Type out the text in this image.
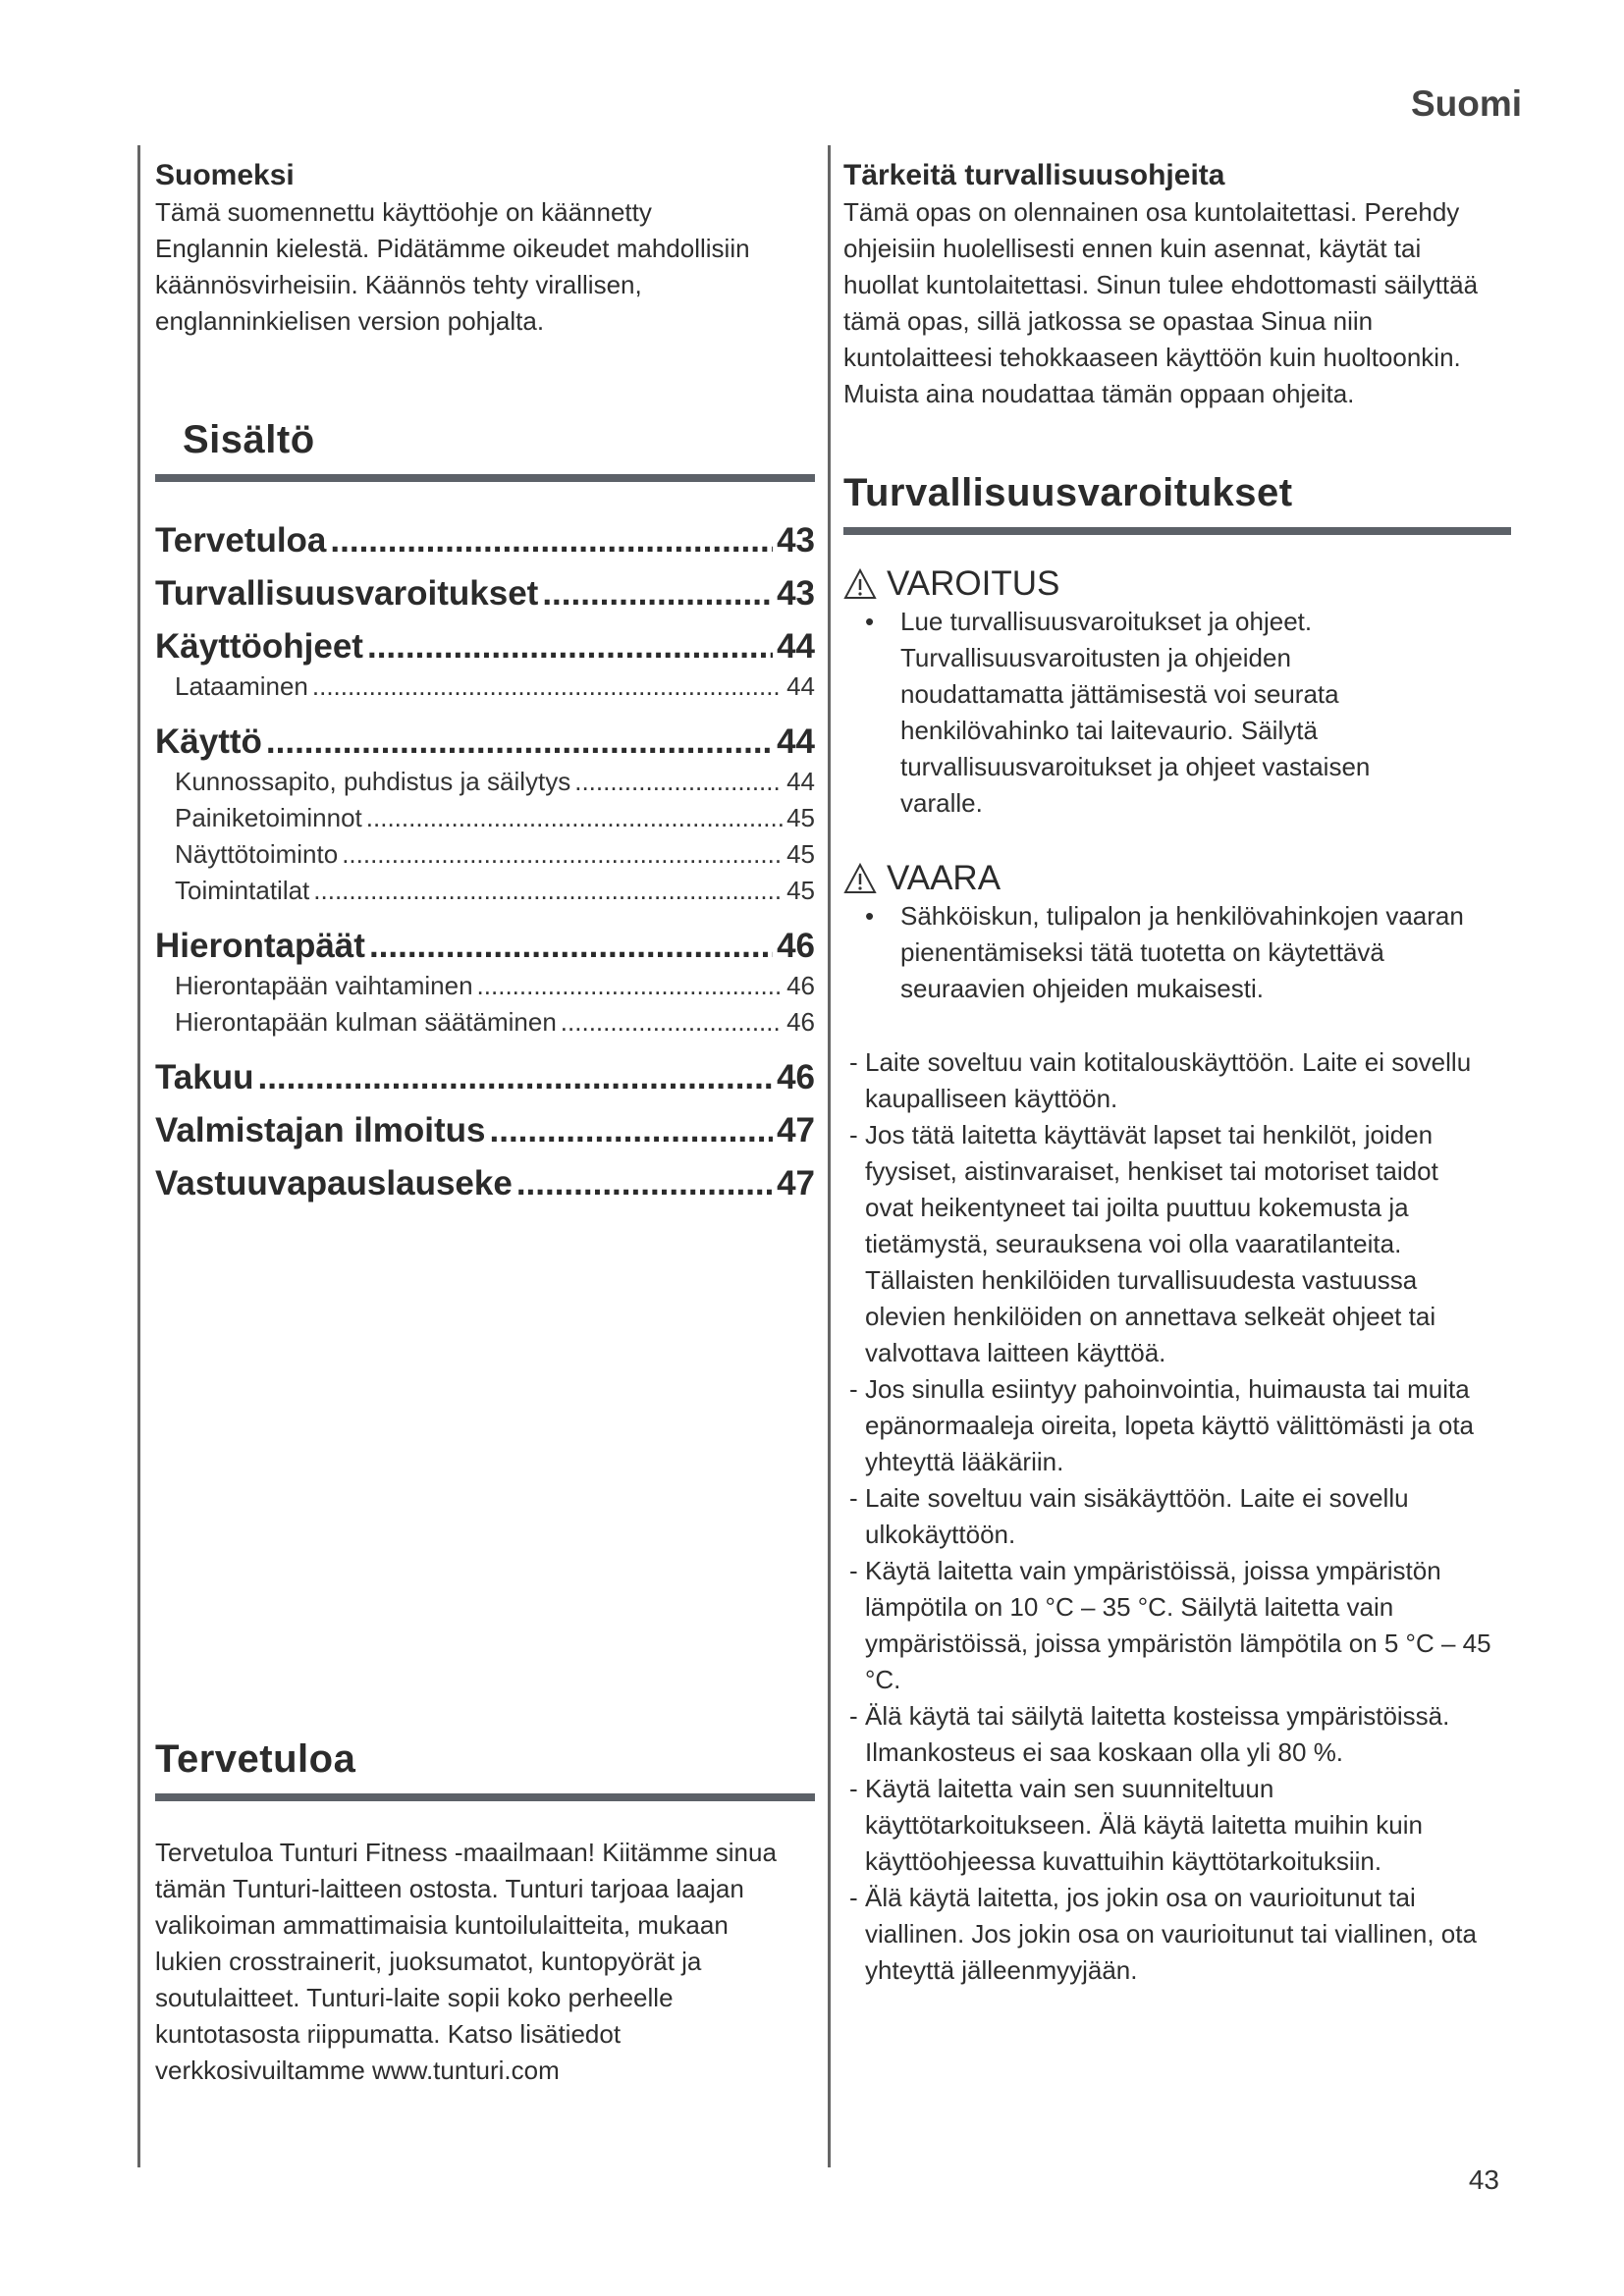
Suomi
Suomeksi
Tämä suomennettu käyttöohje on käännetty Englannin kielestä. Pidätämme oikeudet mahdollisiin käännösvirheisiin. Käännös tehty virallisen, englanninkielisen version pohjalta.
Sisältö
Tervetuloa .....	43
Turvallisuusvaroitukset .....	43
Käyttöohjeet .....	44
Lataaminen .....	44
Käyttö .....	44
Kunnossapito, puhdistus ja säilytys .....	44
Painiketoiminnot .....	45
Näyttötoiminto .....	45
Toimintatilat .....	45
Hierontapäät .....	46
Hierontapään vaihtaminen .....	46
Hierontapään kulman säätäminen .....	46
Takuu .....	46
Valmistajan ilmoitus .....	47
Vastuuvapauslauseke .....	47
Tervetuloa
Tervetuloa Tunturi Fitness -maailmaan! Kiitämme sinua tämän Tunturi-laitteen ostosta. Tunturi tarjoaa laajan valikoiman ammattimaisia kuntoilulaitteita, mukaan lukien crosstrainerit, juoksumatot, kuntopyörät ja soutulaitteet. Tunturi-laite sopii koko perheelle kuntotasosta riippumatta. Katso lisätiedot verkkosivuiltamme www.tunturi.com
Tärkeitä turvallisuusohjeita
Tämä opas on olennainen osa kuntolaitettasi. Perehdy ohjeisiin huolellisesti ennen kuin asennat, käytät tai huollat kuntolaitettasi. Sinun tulee ehdottomasti säilyttää tämä opas, sillä jatkossa se opastaa Sinua niin kuntolaitteesi tehokkaaseen käyttöön kuin huoltoonkin. Muista aina noudattaa tämän oppaan ohjeita.
Turvallisuusvaroitukset
VAROITUS
• Lue turvallisuusvaroitukset ja ohjeet. Turvallisuusvaroitusten ja ohjeiden noudattamatta jättämisestä voi seurata henkilövahinko tai laitevaurio. Säilytä turvallisuusvaroitukset ja ohjeet vastaisen varalle.
VAARA
• Sähköiskun, tulipalon ja henkilövahinkojen vaaran pienentämiseksi tätä tuotetta on käytettävä seuraavien ohjeiden mukaisesti.
- Laite soveltuu vain kotitalouskäyttöön. Laite ei sovellu kaupalliseen käyttöön.
- Jos tätä laitetta käyttävät lapset tai henkilöt, joiden fyysiset, aistinvaraiset, henkiset tai motoriset taidot ovat heikentyneet tai joilta puuttuu kokemusta ja tietämystä, seurauksena voi olla vaaratilanteita. Tällaisten henkilöiden turvallisuudesta vastuussa olevien henkilöiden on annettava selkeät ohjeet tai valvottava laitteen käyttöä.
- Jos sinulla esiintyy pahoinvointia, huimausta tai muita epänormaaleja oireita, lopeta käyttö välittömästi ja ota yhteyttä lääkäriin.
- Laite soveltuu vain sisäkäyttöön. Laite ei sovellu ulkokäyttöön.
- Käytä laitetta vain ympäristöissä, joissa ympäristön lämpötila on 10 °C – 35 °C. Säilytä laitetta vain ympäristöissä, joissa ympäristön lämpötila on 5 °C – 45 °C.
- Älä käytä tai säilytä laitetta kosteissa ympäristöissä. Ilmankosteus ei saa koskaan olla yli 80 %.
- Käytä laitetta vain sen suunniteltuun käyttötarkoitukseen. Älä käytä laitetta muihin kuin käyttöohjeessa kuvattuihin käyttötarkoituksiin.
- Älä käytä laitetta, jos jokin osa on vaurioitunut tai viallinen. Jos jokin osa on vaurioitunut tai viallinen, ota yhteyttä jälleenmyyjään.
43
